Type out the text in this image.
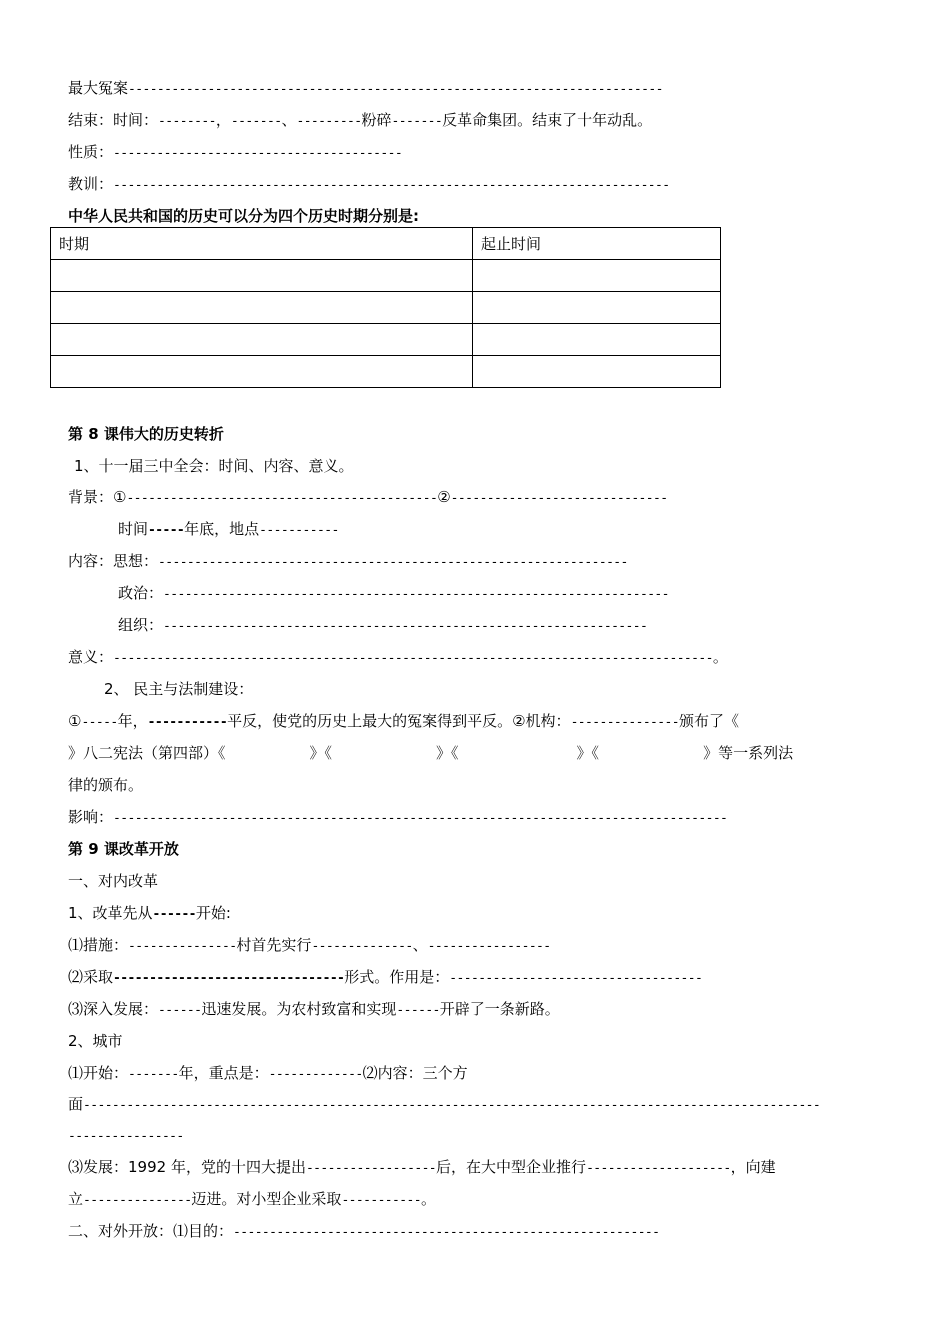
最大冤案--------------------------------------------------------------------------
结束：时间：--------，-------、---------粉碎-------反革命集团。结束了十年动乱。
性质：----------------------------------------
教训：-----------------------------------------------------------------------------
中华人民共和国的历史可以分为四个历史时期分别是:
时期	起止时间

第 8 课伟大的历史转折
1、十一届三中全会：时间、内容、意义。
背景：①-------------------------------------------②------------------------------
时间-----年底，地点-----------
内容：思想：-----------------------------------------------------------------
政治：----------------------------------------------------------------------
组织：-------------------------------------------------------------------
意义：-----------------------------------------------------------------------------------。
2、 民主与法制建设：
①-----年，-----------平反，使党的历史上最大的冤案得到平反。②机构：---------------颁布了《
》八二宪法（第四部）《	》《	》《	》《	》等一系列法
律的颁布。
影响：-------------------------------------------------------------------------------------
第 9 课改革开放
一、对内改革
1、改革先从------开始:
⑴措施：---------------村首先实行--------------、-----------------
⑵采取--------------------------------形式。作用是：-----------------------------------
⑶深入发展：------迅速发展。为农村致富和实现------开辟了一条新路。
2、城市
⑴开始：-------年，重点是：-------------⑵内容：三个方
面------------------------------------------------------------------------------------------------------
----------------
⑶发展：1992 年，党的十四大提出------------------后，在大中型企业推行--------------------，向建
立---------------迈进。对小型企业采取-----------。
二、对外开放：⑴目的：-----------------------------------------------------------
